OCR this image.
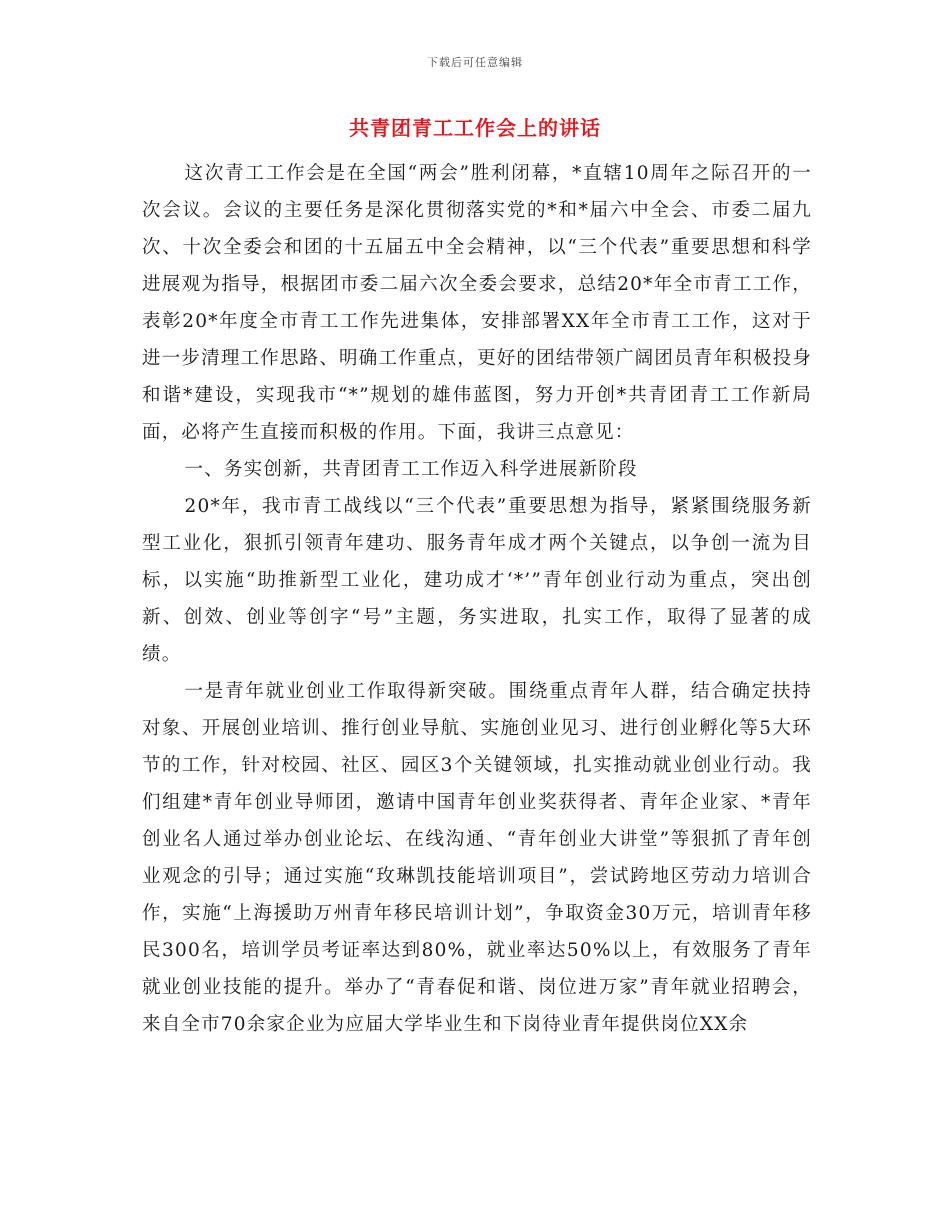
下载后可任意编辑
共青团青工工作会上的讲话

这次青工工作会是在全国“两会”胜利闭幕，*直辖10周年之际召开的一次会议。会议的主要任务是深化贯彻落实党的*和*届六中全会、市委二届九次、十次全委会和团的十五届五中全会精神，以“三个代表”重要思想和科学进展观为指导，根据团市委二届六次全委会要求，总结20*年全市青工工作，表彰20*年度全市青工工作先进集体，安排部署XX年全市青工工作，这对于进一步清理工作思路、明确工作重点，更好的团结带领广阔团员青年积极投身和谐*建设，实现我市“*”规划的雄伟蓝图，努力开创*共青团青工工作新局面，必将产生直接而积极的作用。下面，我讲三点意见：

一、务实创新，共青团青工工作迈入科学进展新阶段

20*年，我市青工战线以“三个代表”重要思想为指导，紧紧围绕服务新型工业化，狠抓引领青年建功、服务青年成才两个关键点，以争创一流为目标，以实施“助推新型工业化，建功成才‘*’”青年创业行动为重点，突出创新、创效、创业等创字“号”主题，务实进取，扎实工作，取得了显著的成绩。

一是青年就业创业工作取得新突破。围绕重点青年人群，结合确定扶持对象、开展创业培训、推行创业导航、实施创业见习、进行创业孵化等5大环节的工作，针对校园、社区、园区3个关键领域，扎实推动就业创业行动。我们组建*青年创业导师团，邀请中国青年创业奖获得者、青年企业家、*青年创业名人通过举办创业论坛、在线沟通、“青年创业大讲堂”等狠抓了青年创业观念的引导；通过实施“玫琳凯技能培训项目”，尝试跨地区劳动力培训合作，实施“上海援助万州青年移民培训计划”，争取资金30万元，培训青年移民300名，培训学员考证率达到80%，就业率达50%以上，有效服务了青年就业创业技能的提升。举办了“青春促和谐、岗位进万家”青年就业招聘会，来自全市70余家企业为应届大学毕业生和下岗待业青年提供岗位XX余
